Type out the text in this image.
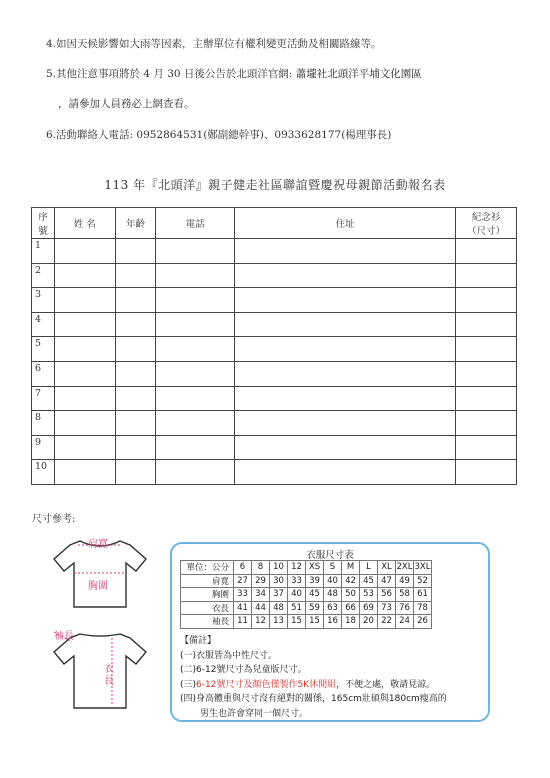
4.如因天候影響如大雨等因素，主辦單位有權利變更活動及相關路線等。
5.其他注意事項將於 4 月 30 日後公告於北頭洋官網: 蕭壠社北頭洋平埔文化園區
，請參加人員務必上網查看。
6.活動聯絡人電話: 0952864531(鄭副總幹事)、0933628177(楊理事長)
113 年『北頭洋』親子健走社區聯誼暨慶祝母親節活動報名表
序
號	姓 名	年齡	電話	住址	紀念衫
（尺寸）
1					
2					
3					
4					
5					
6					
7					
8					
9					
10					
尺寸參考:
肩寬
胸圍
袖長
衣長
衣服尺寸表
單位：公分	6	8	10	12	XS	S	M	L	XL	2XL	3XL
肩寬	27	29	30	33	39	40	42	45	47	49	52
胸圍	33	34	37	40	45	48	50	53	56	58	61
衣長	41	44	48	51	59	63	66	69	73	76	78
袖長	11	12	13	15	15	16	18	20	22	24	26
【備註】
(一)衣服皆為中性尺寸。
(二)6-12號尺寸為兒童版尺寸。
(三)6-12號尺寸及顏色僅製作5K休閒組，不便之處，敬請見諒。
(四)身高體重與尺寸沒有絕對的關係，165cm壯碩與180cm瘦高的
男生也許會穿同一個尺寸。
